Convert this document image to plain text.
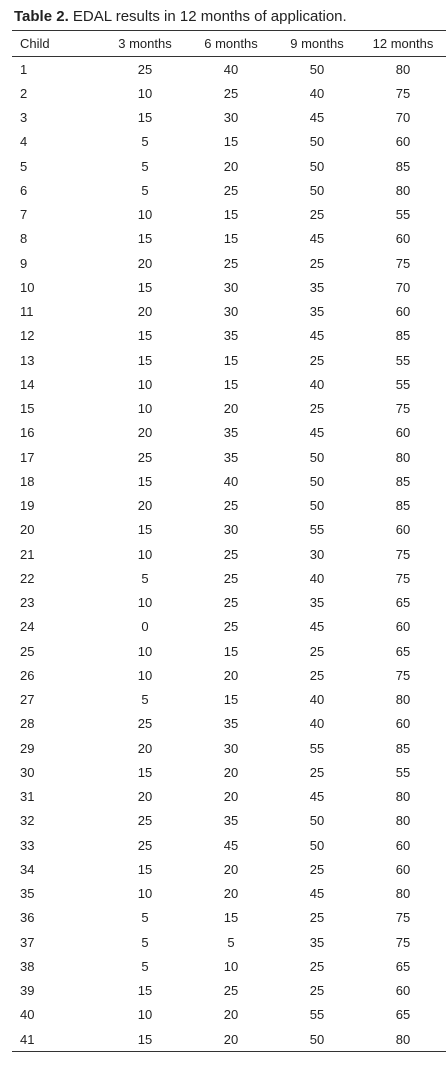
Table 2. EDAL results in 12 months of application.
Child	3 months	6 months	9 months	12 months
1	25	40	50	80
2	10	25	40	75
3	15	30	45	70
4	5	15	50	60
5	5	20	50	85
6	5	25	50	80
7	10	15	25	55
8	15	15	45	60
9	20	25	25	75
10	15	30	35	70
11	20	30	35	60
12	15	35	45	85
13	15	15	25	55
14	10	15	40	55
15	10	20	25	75
16	20	35	45	60
17	25	35	50	80
18	15	40	50	85
19	20	25	50	85
20	15	30	55	60
21	10	25	30	75
22	5	25	40	75
23	10	25	35	65
24	0	25	45	60
25	10	15	25	65
26	10	20	25	75
27	5	15	40	80
28	25	35	40	60
29	20	30	55	85
30	15	20	25	55
31	20	20	45	80
32	25	35	50	80
33	25	45	50	60
34	15	20	25	60
35	10	20	45	80
36	5	15	25	75
37	5	5	35	75
38	5	10	25	65
39	15	25	25	60
40	10	20	55	65
41	15	20	50	80
